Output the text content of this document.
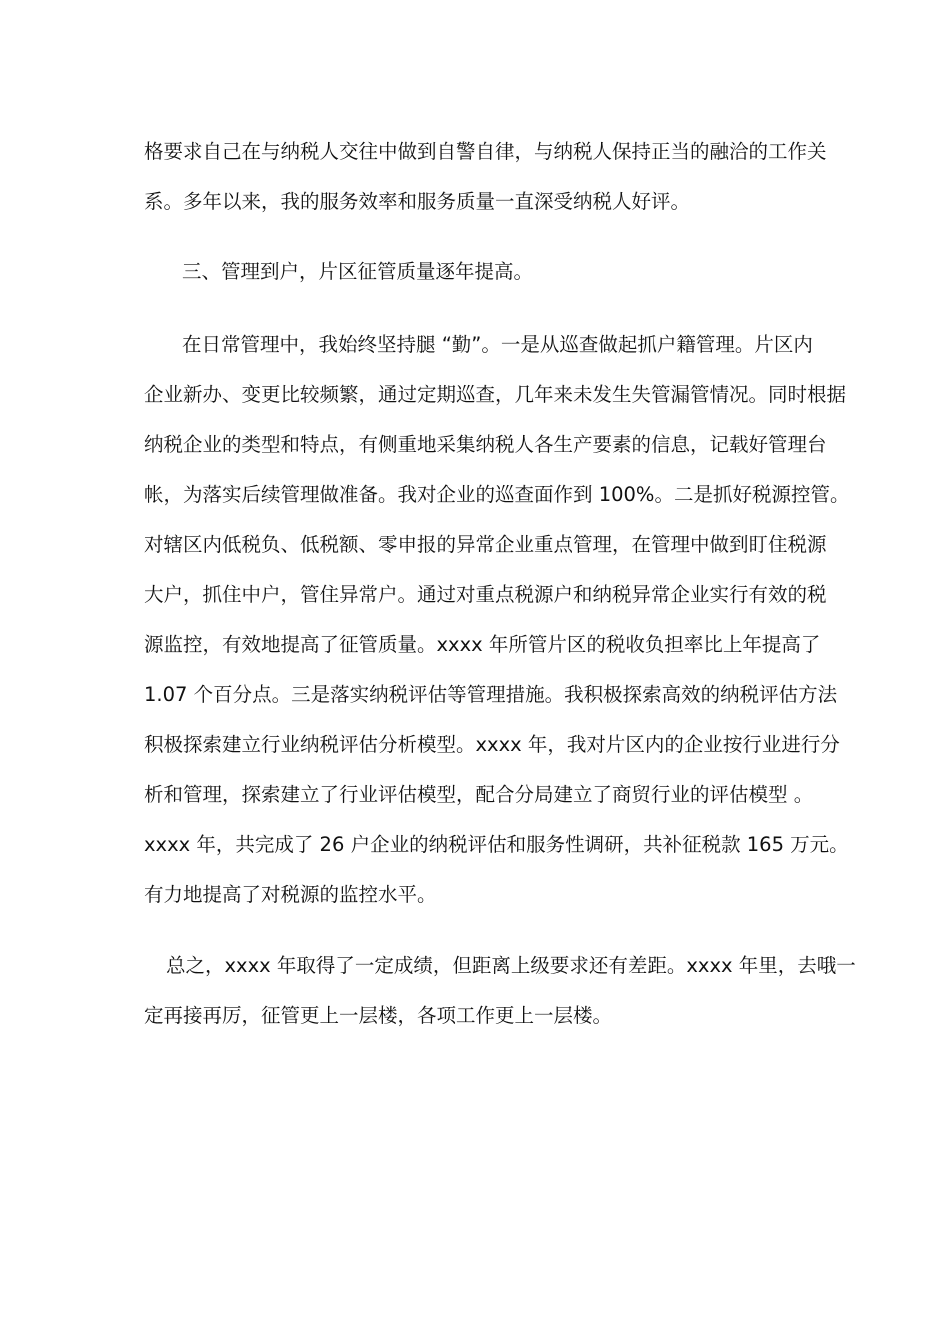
格要求自己在与纳税人交往中做到自警自律，与纳税人保持正当的融洽的工作关
系。多年以来，我的服务效率和服务质量一直深受纳税人好评。
三、管理到户，片区征管质量逐年提高。
在日常管理中，我始终坚持腿 “勤”。一是从巡查做起抓户籍管理。片区内
企业新办、变更比较频繁，通过定期巡查，几年来未发生失管漏管情况。同时根据
纳税企业的类型和特点，有侧重地采集纳税人各生产要素的信息，记载好管理台
帐，为落实后续管理做准备。我对企业的巡查面作到 100%。二是抓好税源控管。
对辖区内低税负、低税额、零申报的异常企业重点管理，在管理中做到盯住税源
大户，抓住中户，管住异常户。通过对重点税源户和纳税异常企业实行有效的税
源监控，有效地提高了征管质量。xxxx 年所管片区的税收负担率比上年提高了
1.07 个百分点。三是落实纳税评估等管理措施。我积极探索高效的纳税评估方法
积极探索建立行业纳税评估分析模型。xxxx 年，我对片区内的企业按行业进行分
析和管理，探索建立了行业评估模型，配合分局建立了商贸行业的评估模型 。
xxxx 年，共完成了 26 户企业的纳税评估和服务性调研，共补征税款 165 万元。
有力地提高了对税源的监控水平。
总之，xxxx 年取得了一定成绩，但距离上级要求还有差距。xxxx 年里，去哦一
定再接再厉，征管更上一层楼，各项工作更上一层楼。
